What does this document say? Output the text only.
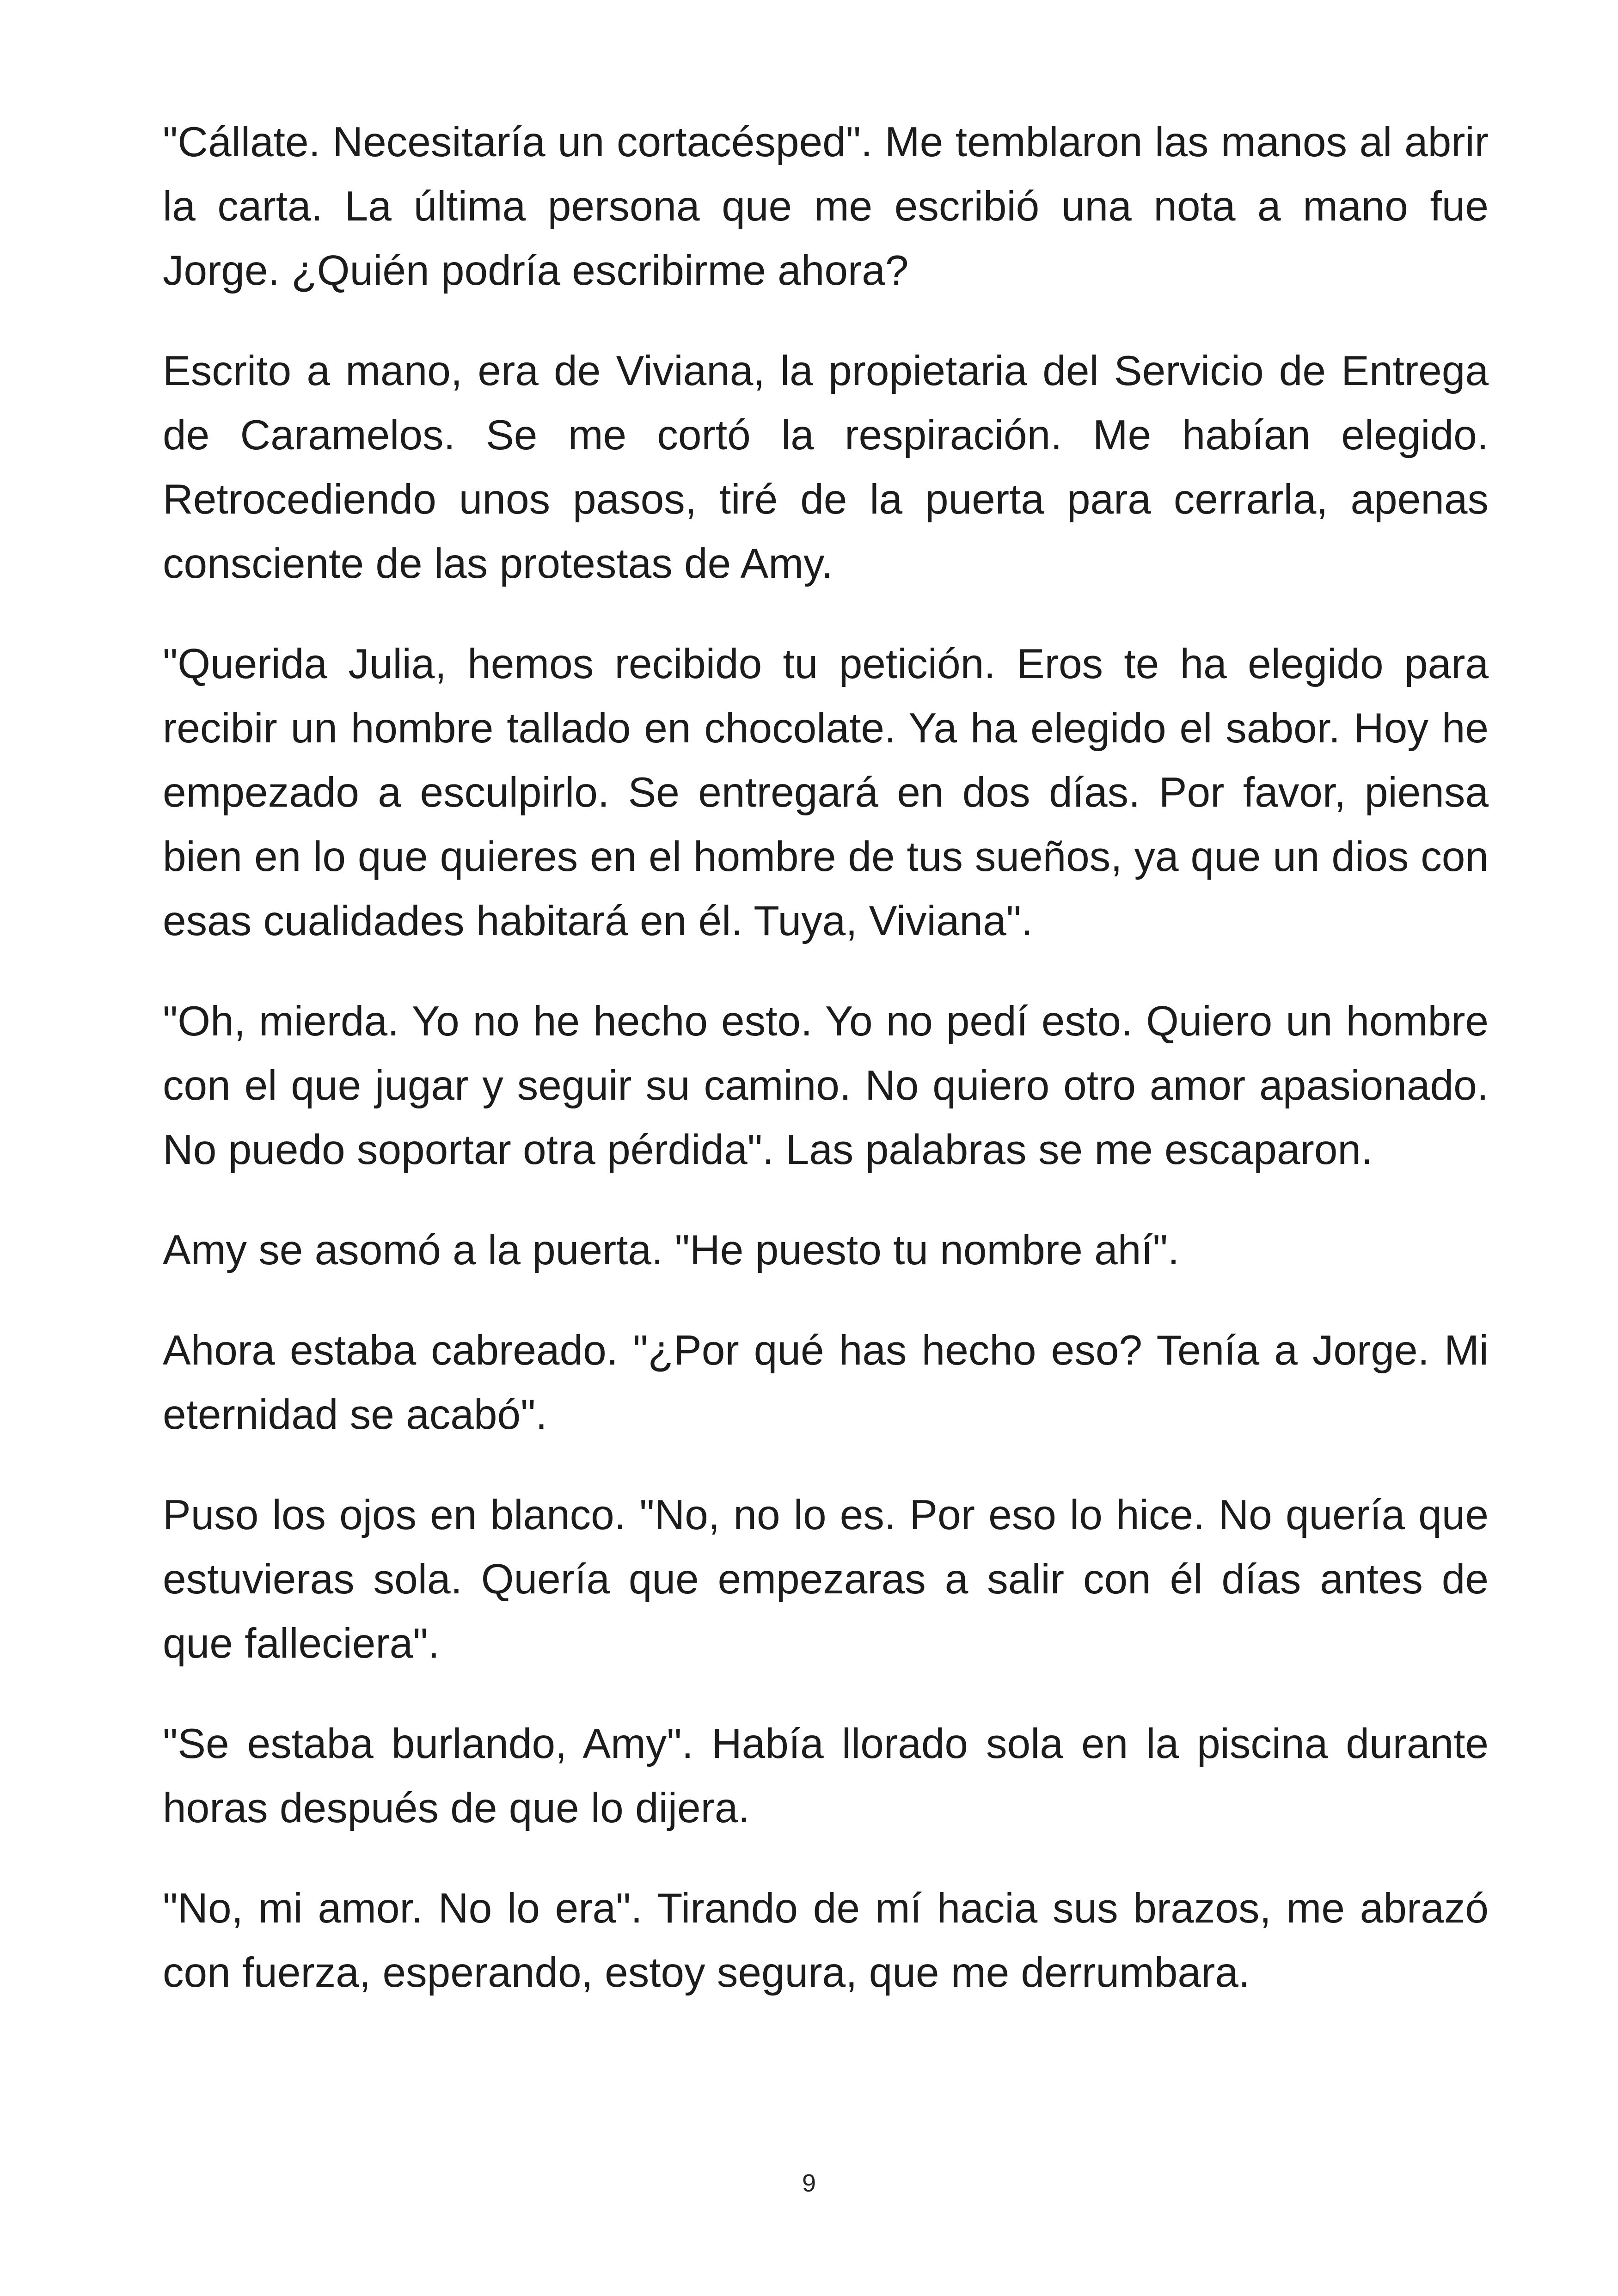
"Cállate. Necesitaría un cortacésped". Me temblaron las manos al abrir la carta. La última persona que me escribió una nota a mano fue Jorge. ¿Quién podría escribirme ahora?

Escrito a mano, era de Viviana, la propietaria del Servicio de Entrega de Caramelos. Se me cortó la respiración. Me habían elegido. Retrocediendo unos pasos, tiré de la puerta para cerrarla, apenas consciente de las protestas de Amy.

"Querida Julia, hemos recibido tu petición. Eros te ha elegido para recibir un hombre tallado en chocolate. Ya ha elegido el sabor. Hoy he empezado a esculpirlo. Se entregará en dos días. Por favor, piensa bien en lo que quieres en el hombre de tus sueños, ya que un dios con esas cualidades habitará en él. Tuya, Viviana".

"Oh, mierda. Yo no he hecho esto. Yo no pedí esto. Quiero un hombre con el que jugar y seguir su camino. No quiero otro amor apasionado. No puedo soportar otra pérdida". Las palabras se me escaparon.

Amy se asomó a la puerta. "He puesto tu nombre ahí".

Ahora estaba cabreado. "¿Por qué has hecho eso? Tenía a Jorge. Mi eternidad se acabó".

Puso los ojos en blanco. "No, no lo es. Por eso lo hice. No quería que estuvieras sola. Quería que empezaras a salir con él días antes de que falleciera".

"Se estaba burlando, Amy". Había llorado sola en la piscina durante horas después de que lo dijera.

"No, mi amor. No lo era". Tirando de mí hacia sus brazos, me abrazó con fuerza, esperando, estoy segura, que me derrumbara.

9
